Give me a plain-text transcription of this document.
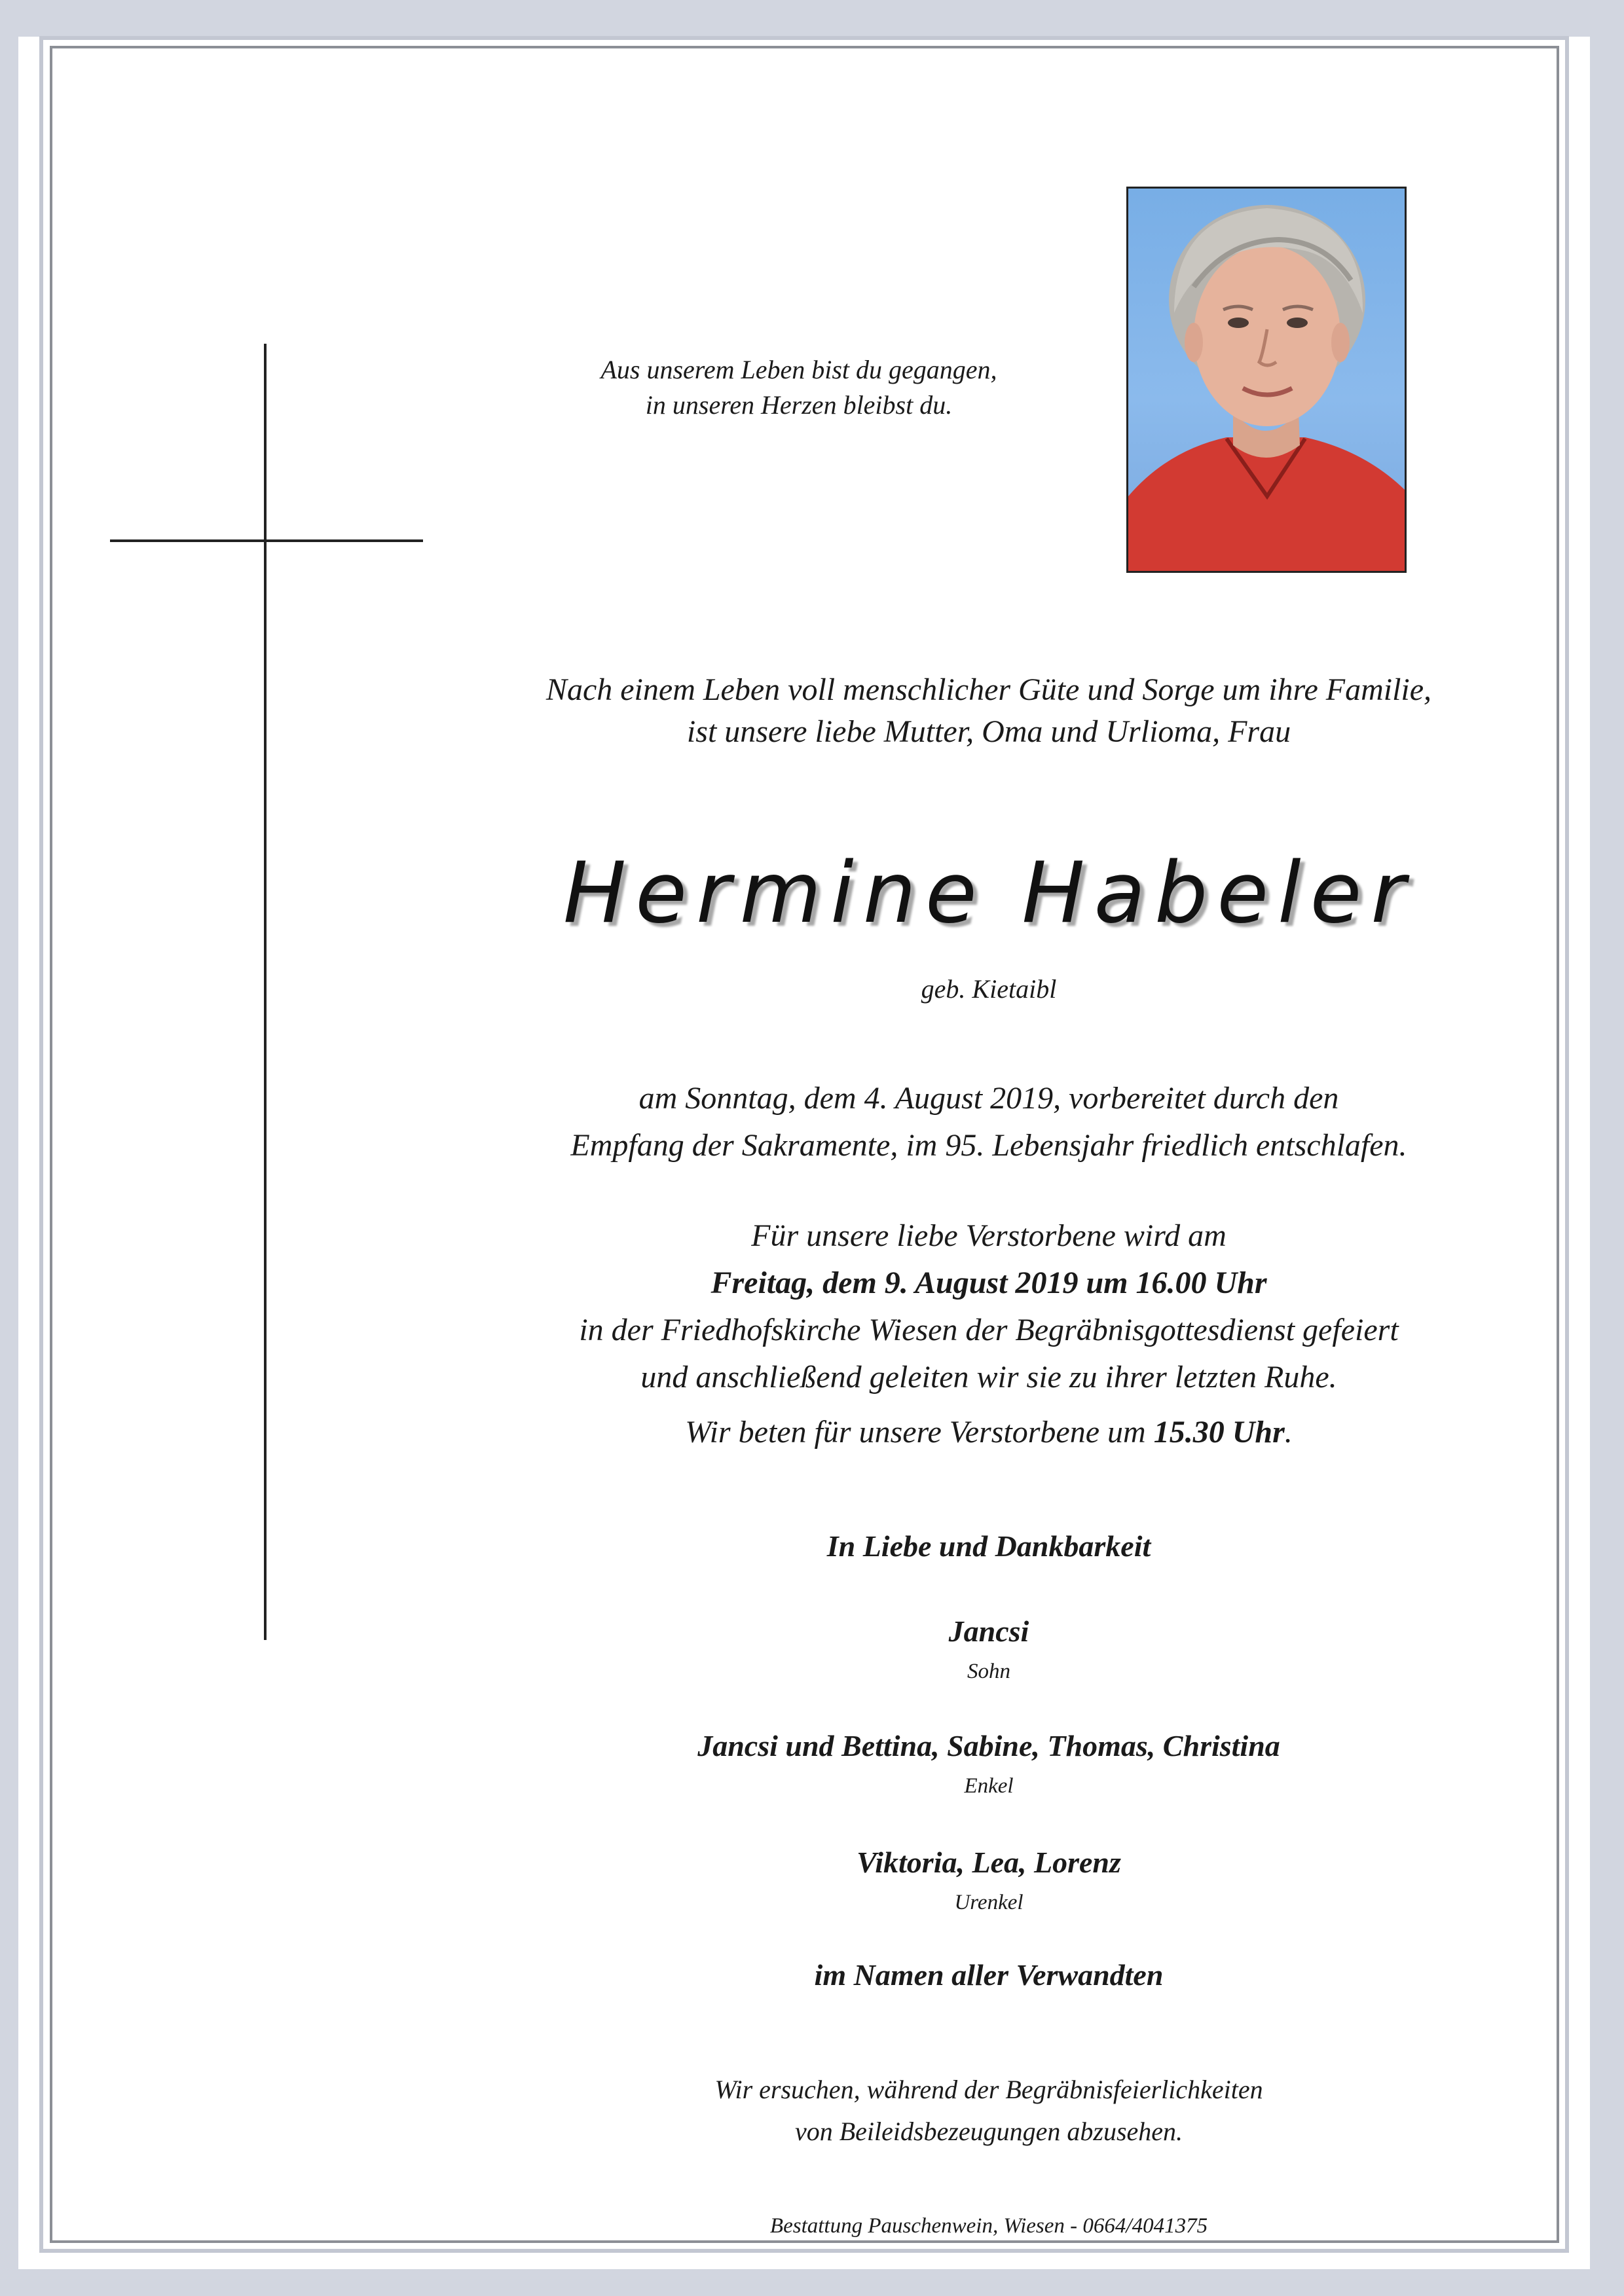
Aus unserem Leben bist du gegangen,
in unseren Herzen bleibst du.
Nach einem Leben voll menschlicher Güte und Sorge um ihre Familie,
ist unsere liebe Mutter, Oma und Urlioma, Frau
Hermine Habeler
geb. Kietaibl
am Sonntag, dem 4. August 2019, vorbereitet durch den
Empfang der Sakramente, im 95. Lebensjahr friedlich entschlafen.
Für unsere liebe Verstorbene wird am
Freitag, dem 9. August 2019 um 16.00 Uhr
in der Friedhofskirche Wiesen der Begräbnisgottesdienst gefeiert
und anschließend geleiten wir sie zu ihrer letzten Ruhe.
Wir beten für unsere Verstorbene um 15.30 Uhr.
In Liebe und Dankbarkeit
Jancsi
Sohn
Jancsi und Bettina, Sabine, Thomas, Christina
Enkel
Viktoria, Lea, Lorenz
Urenkel
im Namen aller Verwandten
Wir ersuchen, während der Begräbnisfeierlichkeiten
von Beileidsbezeugungen abzusehen.
Bestattung Pauschenwein, Wiesen - 0664/4041375
